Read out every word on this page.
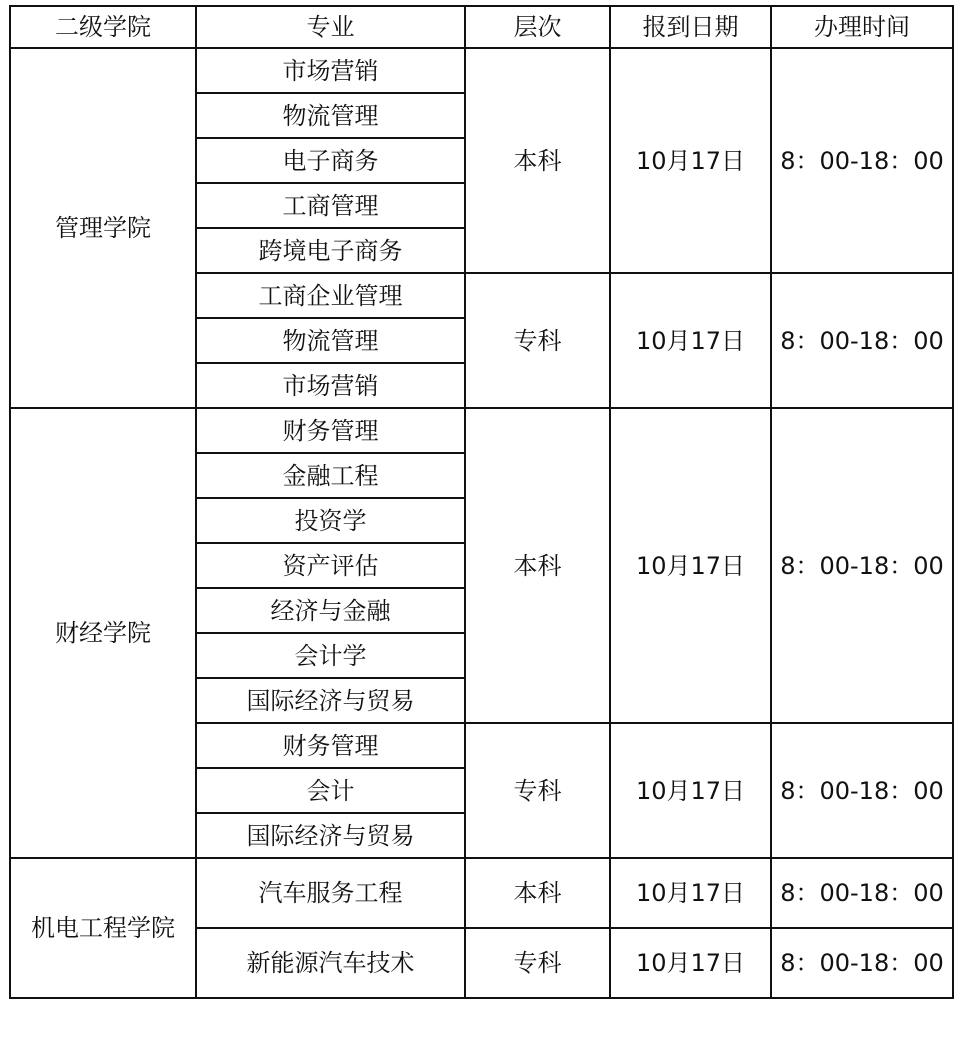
二级学院	专业	层次	报到日期	办理时间
管理学院	市场营销	本科	10月17日	8：00-18：00
	物流管理			
	电子商务			
	工商管理			
	跨境电子商务			
	工商企业管理	专科	10月17日	8：00-18：00
	物流管理			
	市场营销			
财经学院	财务管理	本科	10月17日	8：00-18：00
	金融工程			
	投资学			
	资产评估			
	经济与金融			
	会计学			
	国际经济与贸易			
	财务管理	专科	10月17日	8：00-18：00
	会计			
	国际经济与贸易			
机电工程学院	汽车服务工程	本科	10月17日	8：00-18：00
	新能源汽车技术	专科	10月17日	8：00-18：00
